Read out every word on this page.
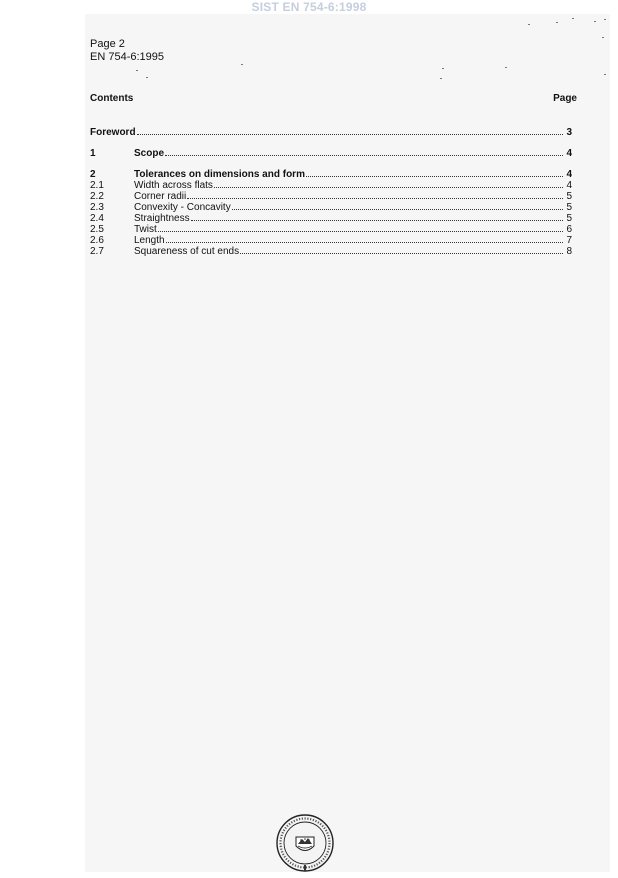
SIST EN 754-6:1998
Page 2
EN 754-6:1995
Contents	Page
Foreword	3
1	Scope	4
2	Tolerances on dimensions and form	4
2.1	Width across flats	4
2.2	Corner radii	5
2.3	Convexity - Concavity	5
2.4	Straightness	5
2.5	Twist	6
2.6	Length	7
2.7	Squareness of cut ends	8
